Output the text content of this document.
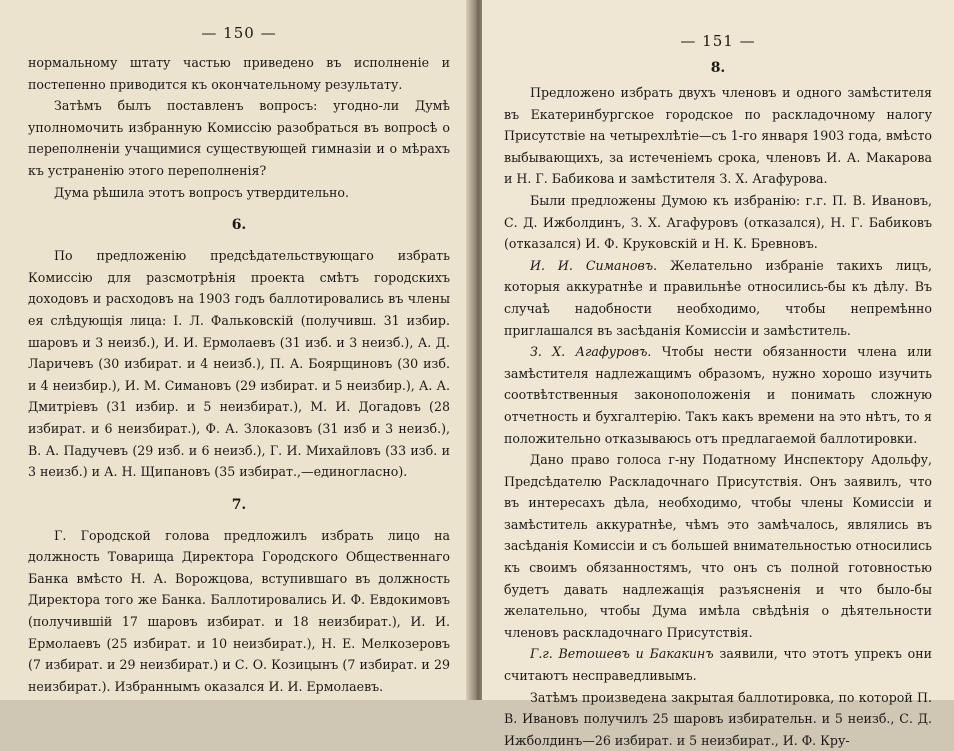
— 150 —

нормальному штату частью приведено въ исполненіе и постепенно приводится къ окончательному результату.

Затѣмъ былъ поставленъ вопросъ: угодно-ли Думѣ уполномочить избранную Комиссію разобраться въ вопросѣ о переполненіи учащимися существующей гимназіи и о мѣрахъ къ устраненію этого переполненія?

Дума рѣшила этотъ вопросъ утвердительно.

6.

По предложенію предсѣдательствующаго избрать Комиссію для разсмотрѣнія проекта смѣтъ городскихъ доходовъ и расходовъ на 1903 годъ баллотировались въ члены ея слѣдующія лица: I. Л. Фальковскій (получивш. 31 избир. шаровъ и 3 неизб.), И. И. Ермолаевъ (31 изб. и 3 неизб.), А. Д. Ларичевъ (30 избират. и 4 неизб.), П. А. Боярщиновъ (30 изб. и 4 неизбир.), И. М. Симановъ (29 избират. и 5 неизбир.), А. А. Дмитріевъ (31 избир. и 5 неизбират.), М. И. Догадовъ (28 избират. и 6 неизбират.), Ф. А. Злоказовъ (31 изб и 3 неизб.), В. А. Падучевъ (29 изб. и 6 неизб.), Г. И. Михайловъ (33 изб. и 3 неизб.) и А. Н. Щипановъ (35 избират.,—единогласно).

7.

Г. Городской голова предложилъ избрать лицо на должность Товарища Директора Городского Общественнаго Банка вмѣсто Н. А. Ворожцова, вступившаго въ должность Директора того же Банка. Баллотировались И. Ф. Евдокимовъ (получившій 17 шаровъ избират. и 18 неизбират.), И. И. Ермолаевъ (25 избират. и 10 неизбират.), Н. Е. Мелкозеровъ (7 избират. и 29 неизбират.) и С. О. Козицынъ (7 избират. и 29 неизбират.). Избраннымъ оказался И. И. Ермолаевъ.

— 151 —
8.

Предложено избрать двухъ членовъ и одного замѣстителя въ Екатеринбургское городское по раскладочному налогу Присутствіе на четырехлѣтіе—съ 1-го января 1903 года, вмѣсто выбывающихъ, за истеченіемъ срока, членовъ И. А. Макарова и Н. Г. Бабикова и замѣстителя З. Х. Агафурова.

Были предложены Думою къ избранію: г.г. П. В. Ивановъ, С. Д. Ижболдинъ, З. Х. Агафуровъ (отказался), Н. Г. Бабиковъ (отказался) И. Ф. Круковскій и Н. К. Бревновъ.

И. И. Симановъ. Желательно избраніе такихъ лицъ, которыя аккуратнѣе и правильнѣе относились-бы къ дѣлу. Въ случаѣ надобности необходимо, чтобы непремѣнно приглашался въ засѣданія Комиссіи и замѣститель.

З. Х. Агафуровъ. Чтобы нести обязанности члена или замѣстителя надлежащимъ образомъ, нужно хорошо изучить соотвѣтственныя законоположенія и понимать сложную отчетность и бухгалтерію. Такъ какъ времени на это нѣтъ, то я положительно отказываюсь отъ предлагаемой баллотировки.

Дано право голоса г-ну Податному Инспектору Адольфу, Предсѣдателю Раскладочнаго Присутствія. Онъ заявилъ, что въ интересахъ дѣла, необходимо, чтобы члены Комиссіи и замѣститель аккуратнѣе, чѣмъ это замѣчалось, являлись въ засѣданія Комиссіи и съ большей внимательностью относились къ своимъ обязанностямъ, что онъ съ полной готовностью будетъ давать надлежащія разъясненія и что было-бы желательно, чтобы Дума имѣла свѣдѣнія о дѣятельности членовъ раскладочнаго Присутствія.

Г.г. Ветошевъ и Бакакинъ заявили, что этотъ упрекъ они считаютъ несправедливымъ.

Затѣмъ произведена закрытая баллотировка, по которой П. В. Ивановъ получилъ 25 шаровъ избирательн. и 5 неизб., С. Д. Ижболдинъ—26 избират. и 5 неизбират., И. Ф. Кру-
